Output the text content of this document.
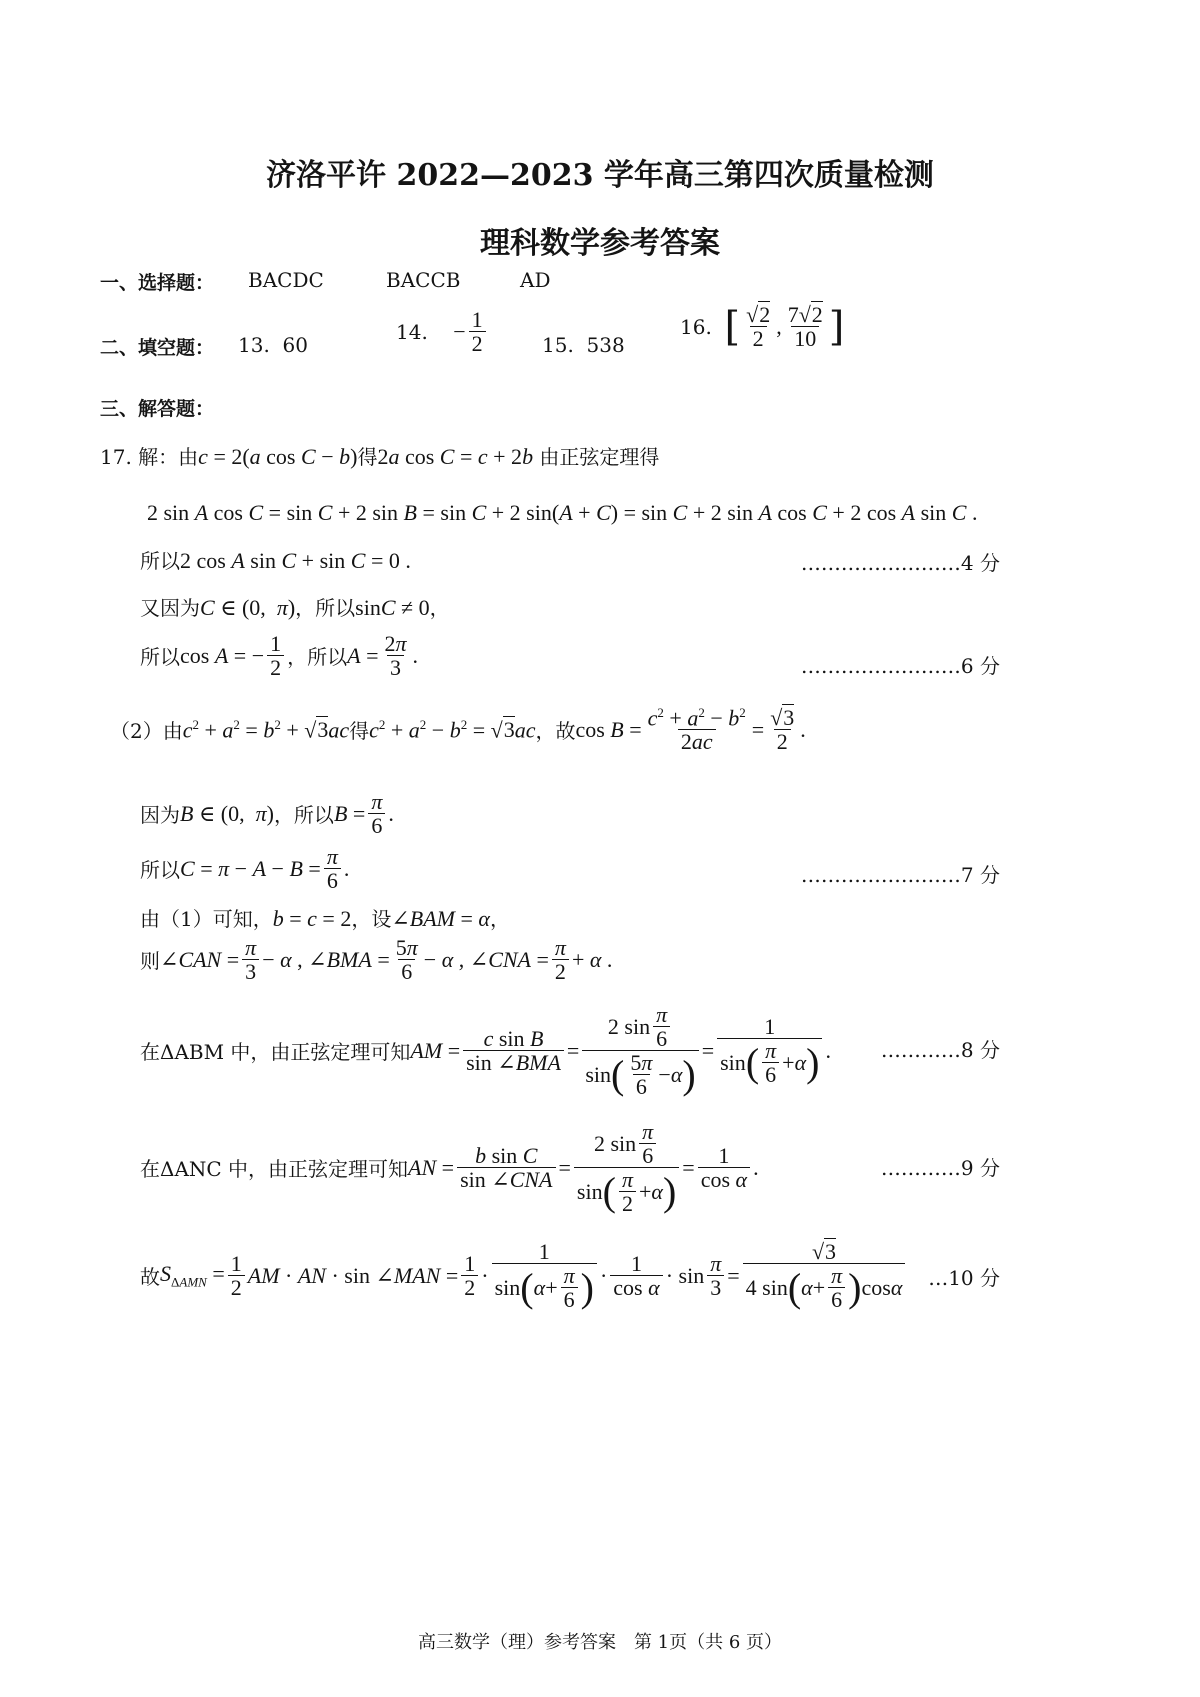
济洛平许 2022—2023 学年高三第四次质量检测
理科数学参考答案
一、选择题： BACDC	BACCB	AD
二、填空题： 13. 60
14.
− $\frac{1}{2}$	15. 538
16.
[ $\frac{√2}{2}$ , $\frac{7√2}{10}$ ]
三、解答题：
17. 解：由c = 2(a cos C − b)得2a cos C = c + 2b 由正弦定理得
2 sin A cos C = sin C + 2 sin B = sin C + 2 sin(A + C) = sin C + 2 sin A cos C + 2 cos A sin C .
所以2 cos A sin C + sin C = 0 .	……………………4 分
又因为C ∈ (0,  π)，所以sinC ≠ 0，
所以 cos A = − $\frac{1}{2}$ ，所以 $A = \frac{2\pi}{3}$ .	……………………6 分
（2）由 $c^2 + a^2 = b^2 + √3ac$ 得 $c^2 + a^2 - b^2 = √3ac$ ，故 $\cos B = \frac{c^2 + a^2 - b^2}{2ac} = \frac{√3}{2}$ .
因为 B ∈ (0,  π) ，所以 $B = \frac{\pi}{6}$ .
所以 $C = \pi - A - B = \frac{\pi}{6}$ .	……………………7 分
由（1）可知，b = c = 2，设∠BAM = α，
则 ∠CAN = $\frac{\pi}{3} - \alpha$ , ∠BMA = $\frac{5\pi}{6} - \alpha$ , ∠CNA = $\frac{\pi}{2} + \alpha$ .
在ΔABM 中，由正弦定理可知 AM = $\frac{\text{c sin B}}{\text{sin ∠BMA}} = \frac{2 \sin \frac{\pi}{6}}{\sin ( \frac{5\pi}{6} - \alpha )} = \frac{1}{\sin ( \frac{\pi}{6} + \alpha )}$ . …………8 分
在ΔANC 中，由正弦定理可知 AN = $\frac{\text{b sin C}}{\text{sin ∠CNA}} = \frac{2 \sin \frac{\pi}{6}}{\sin ( \frac{\pi}{2} + \alpha )} = \frac{1}{\text{cos α}}$ .	…………9 分
故 $S_{\Delta AMN} = \frac{1}{2}$ AM · AN · sin ∠MAN = $\frac{1}{2} \cdot \frac{1}{\sin ( \alpha + \frac{\pi}{6} )} \cdot \frac{1}{\text{cos α}} \cdot \sin \frac{\pi}{3} = \frac{√3}{4 \sin ( \alpha + \frac{\pi}{6} ) \cos \alpha}$ …10 分
高三数学（理）参考答案　第 1页（共 6 页）
